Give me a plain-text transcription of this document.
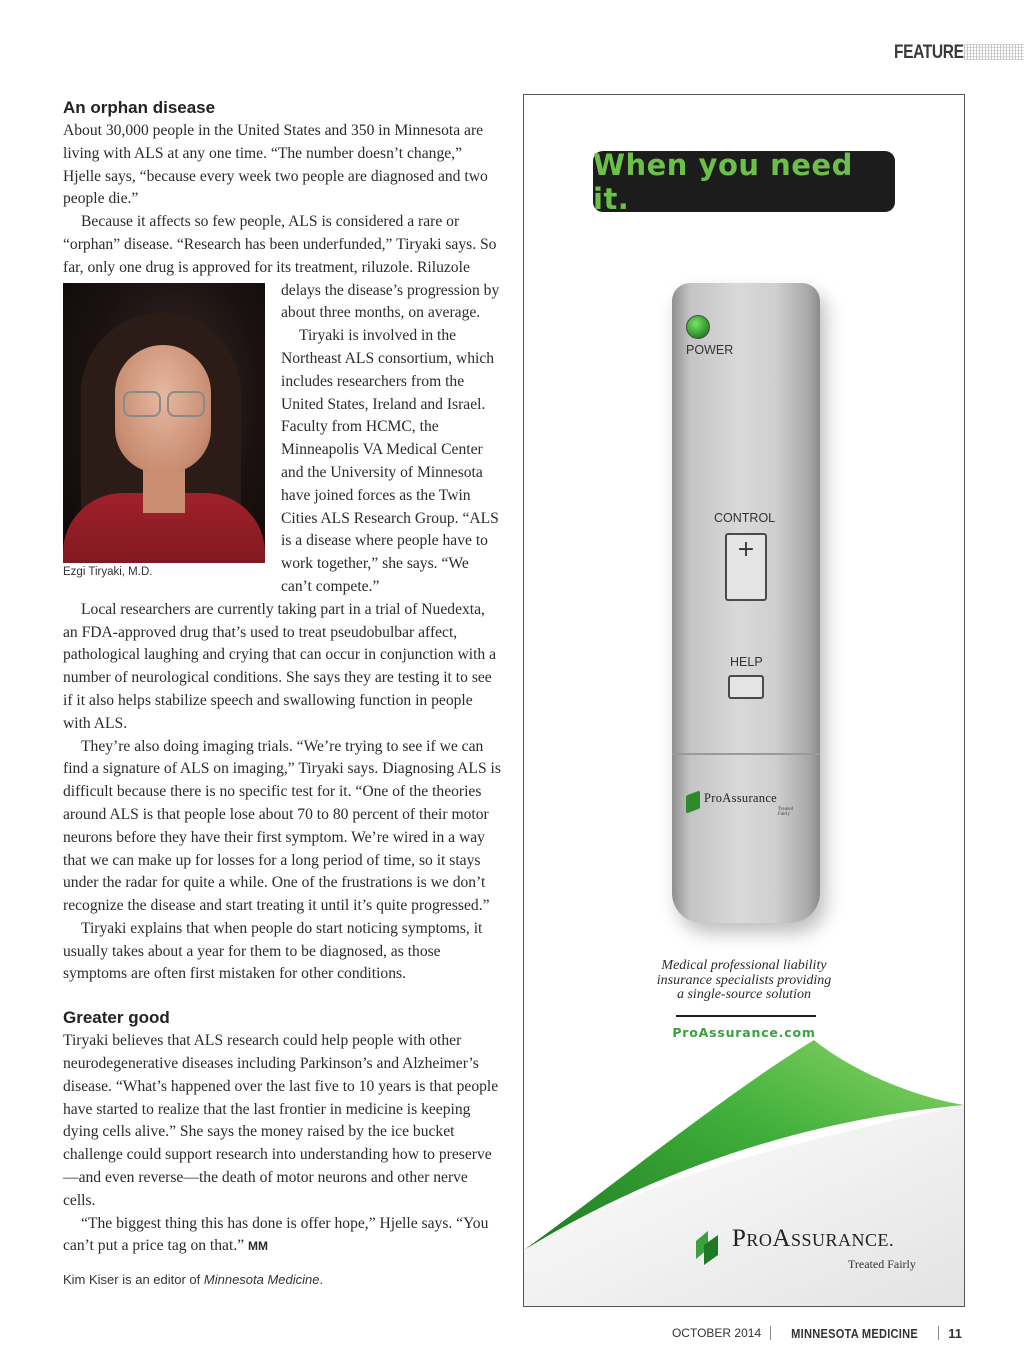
FEATURE
An orphan disease

About 30,000 people in the United States and 350 in Minnesota are living with ALS at any one time. “The number doesn’t change,” Hjelle says, “because every week two people are diagnosed and two people die.”

Because it affects so few people, ALS is considered a rare or “orphan” disease. “Research has been underfunded,” Tiryaki says. So far, only one drug is approved for its treatment, riluzole. Riluzole

Ezgi Tiryaki, M.D.

delays the disease’s progression by about three months, on average.

Tiryaki is involved in the Northeast ALS consortium, which includes researchers from the United States, Ireland and Israel. Faculty from HCMC, the Minneapolis VA Medical Center and the University of Minnesota have joined forces as the Twin Cities ALS Research Group. “ALS is a disease where people have to work together,” she says. “We can’t compete.”

Local researchers are currently taking part in a trial of Nuedexta, an FDA-approved drug that’s used to treat pseudobulbar affect, pathological laughing and crying that can occur in conjunction with a number of neurological conditions. She says they are testing it to see if it also helps stabilize speech and swallowing function in people with ALS.

They’re also doing imaging trials. “We’re trying to see if we can find a signature of ALS on imaging,” Tiryaki says. Diagnosing ALS is difficult because there is no specific test for it. “One of the theories around ALS is that people lose about 70 to 80 percent of their motor neurons before they have their first symptom. We’re wired in a way that we can make up for losses for a long period of time, so it stays under the radar for quite a while. One of the frustrations is we don’t recognize the disease and start treating it until it’s quite progressed.”

Tiryaki explains that when people do start noticing symptoms, it usually takes about a year for them to be diagnosed, as those symptoms are often first mistaken for other conditions.

Greater good

Tiryaki believes that ALS research could help people with other neurodegenerative diseases including Parkinson’s and Alzheimer’s disease. “What’s happened over the last five to 10 years is that people have started to realize that the last frontier in medicine is keeping dying cells alive.” She says the money raised by the ice bucket challenge could support research into understanding how to preserve—and even reverse—the death of motor neurons and other nerve cells.

“The biggest thing this has done is offer hope,” Hjelle says. “You can’t put a price tag on that.” MM

Kim Kiser is an editor of Minnesota Medicine.
When you need it.
POWER
CONTROL
+
HELP
ProAssurance
Treated Fairly
Medical professional liability
insurance specialists providing
a single-source solution
ProAssurance.com
PROASSURANCE.
Treated Fairly
OCTOBER 2014 MINNESOTA MEDICINE 11
